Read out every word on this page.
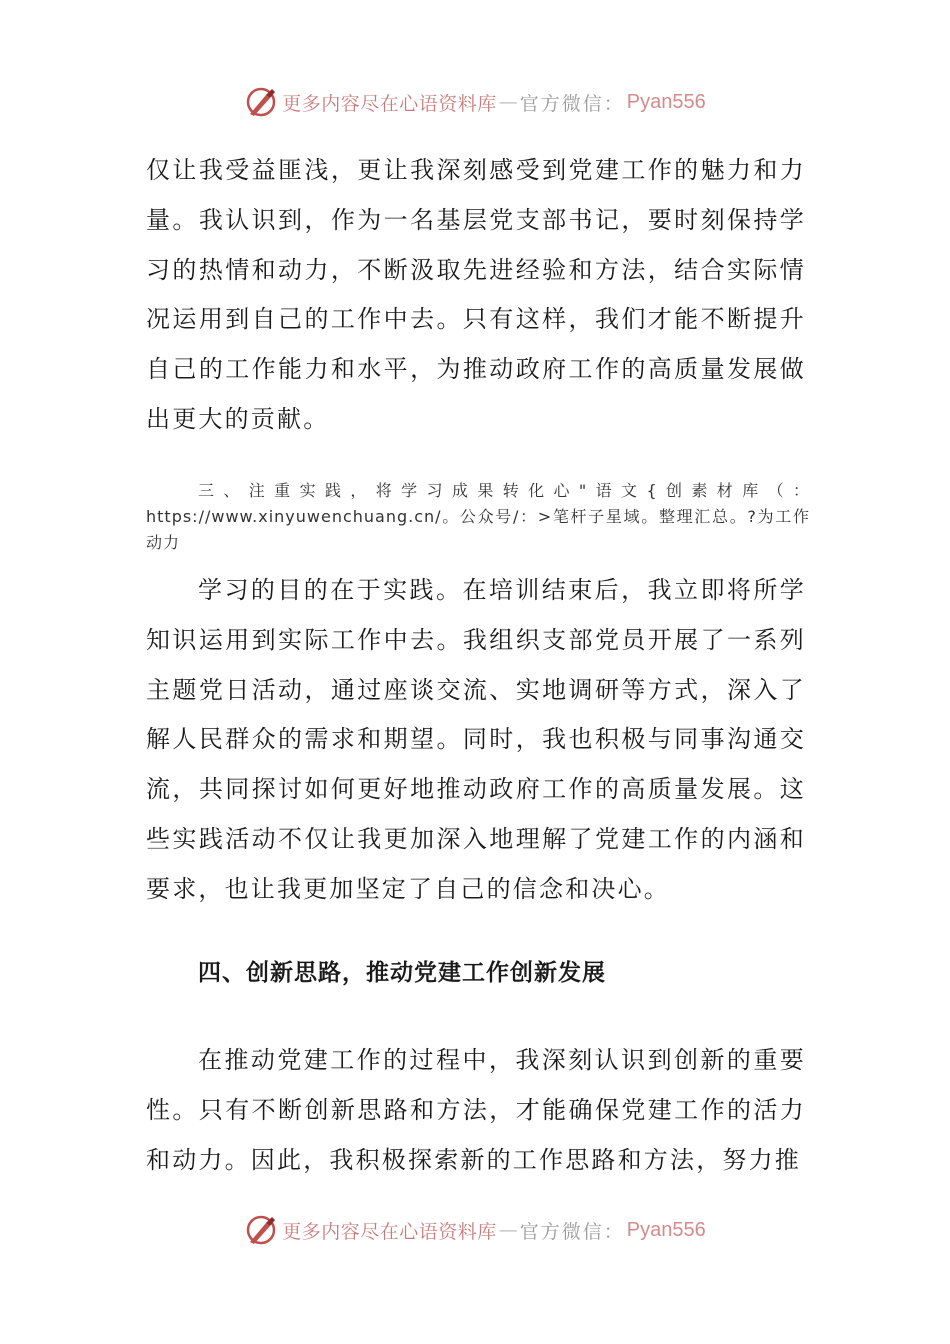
更多内容尽在心语资料库 — 官方微信： Pyan556

仅让我受益匪浅，更让我深刻感受到党建工作的魅力和力量。我认识到，作为一名基层党支部书记，要时刻保持学习的热情和动力，不断汲取先进经验和方法，结合实际情况运用到自己的工作中去。只有这样，我们才能不断提升自己的工作能力和水平，为推动政府工作的高质量发展做出更大的贡献。

三、注重实践，将学习成果转化心"语文{创素材库（：https://www.xinyuwenchuang.cn/。公众号/：>笔杆子星域。整理汇总。?为工作动力

学习的目的在于实践。在培训结束后，我立即将所学知识运用到实际工作中去。我组织支部党员开展了一系列主题党日活动，通过座谈交流、实地调研等方式，深入了解人民群众的需求和期望。同时，我也积极与同事沟通交流，共同探讨如何更好地推动政府工作的高质量发展。这些实践活动不仅让我更加深入地理解了党建工作的内涵和要求，也让我更加坚定了自己的信念和决心。

四、创新思路，推动党建工作创新发展

在推动党建工作的过程中，我深刻认识到创新的重要性。只有不断创新思路和方法，才能确保党建工作的活力和动力。因此，我积极探索新的工作思路和方法，努力推

更多内容尽在心语资料库 — 官方微信： Pyan556
